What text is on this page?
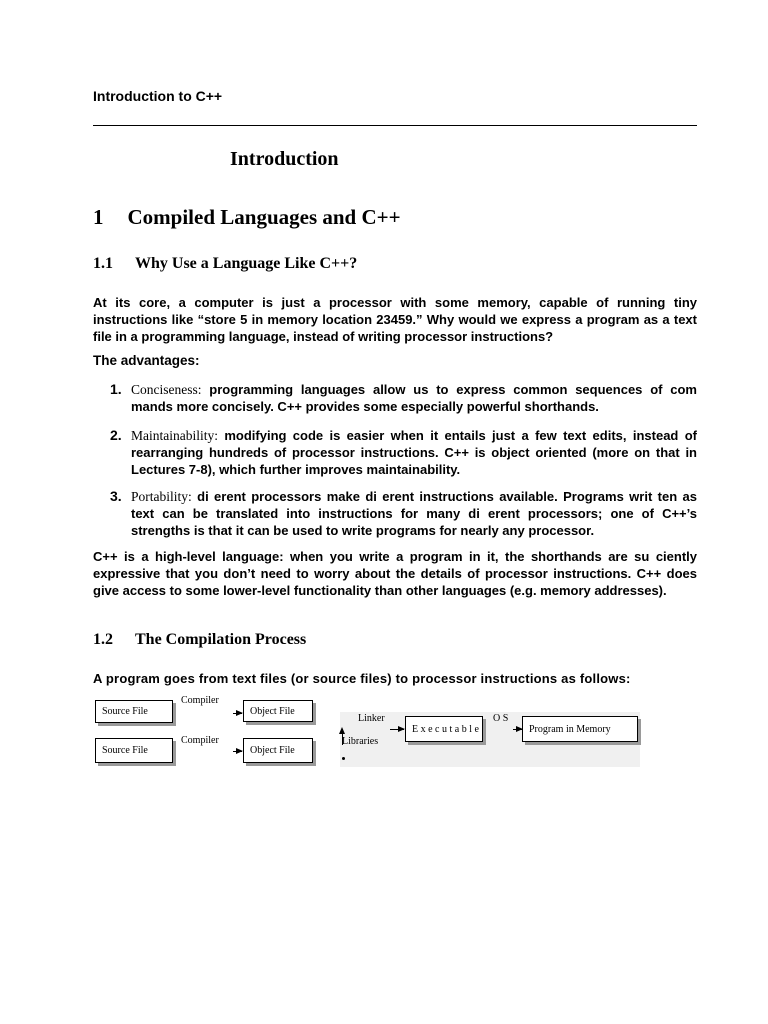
Introduction to C++
Introduction
1 Compiled Languages and C++
1.1 Why Use a Language Like C++?
At its core, a computer is just a processor with some memory, capable of running tiny instructions like “store 5 in memory location 23459.” Why would we express a program as a text file in a programming language, instead of writing processor instructions?
The advantages:
1. Conciseness: programming languages allow us to express common sequences of com mands more concisely. C++ provides some especially powerful shorthands.
2. Maintainability: modifying code is easier when it entails just a few text edits, instead of rearranging hundreds of processor instructions. C++ is object oriented (more on that in Lectures 7-8), which further improves maintainability.
3. Portability: di erent processors make di erent instructions available. Programs writ ten as text can be translated into instructions for many di erent processors; one of C++’s strengths is that it can be used to write programs for nearly any processor.
C++ is a high-level language: when you write a program in it, the shorthands are su ciently expressive that you don’t need to worry about the details of processor instructions. C++ does give access to some lower-level functionality than other languages (e.g. memory addresses).
1.2 The Compilation Process
A program goes from text files (or source files) to processor instructions as follows:
Source File
Source File
Compiler
Compiler
Object File
Object File
Linker
Libraries
E x e c u t a b l e
O S
Program in Memory
